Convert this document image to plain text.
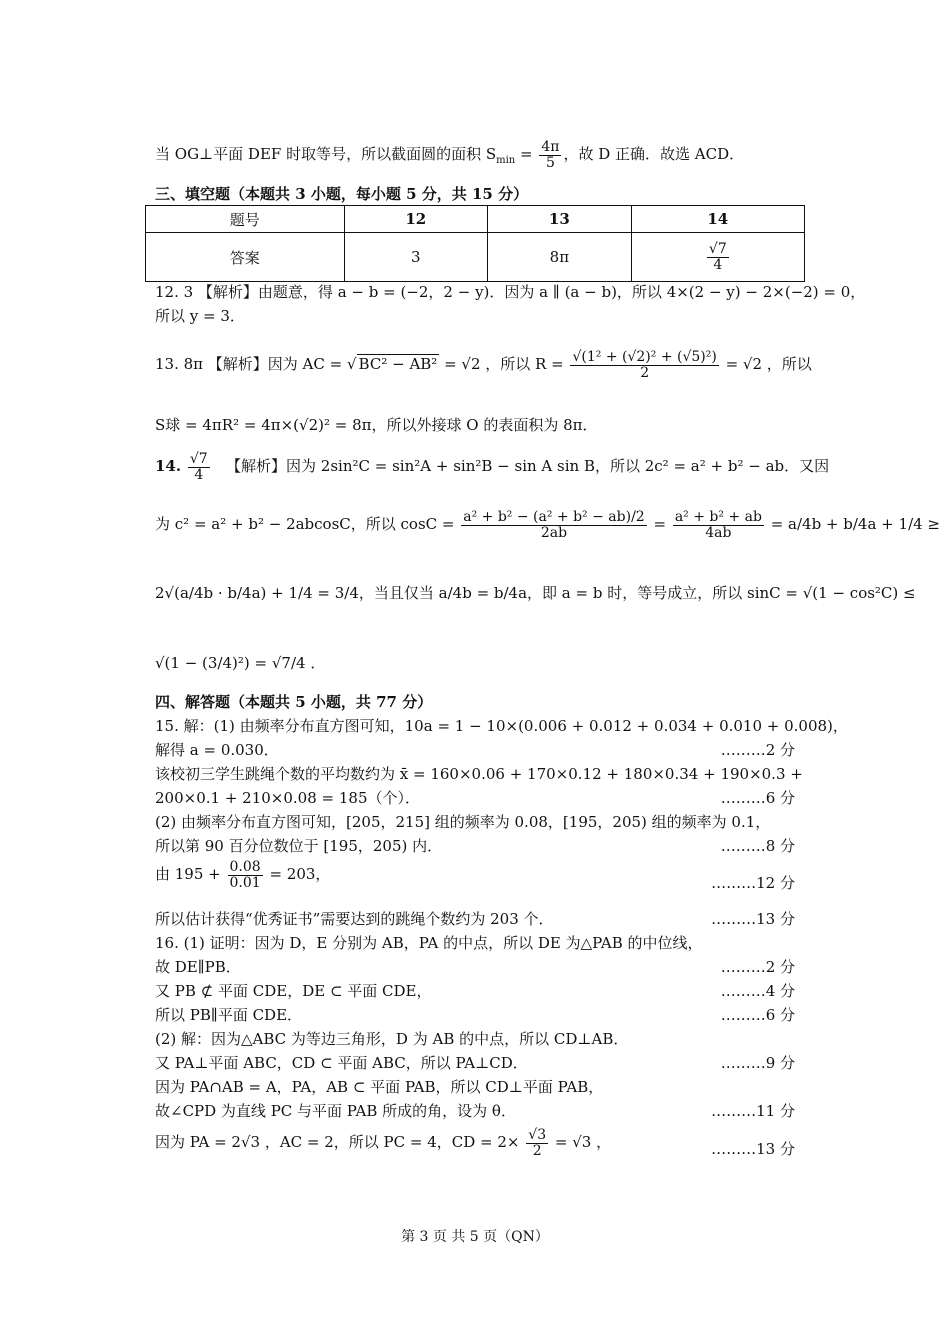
当 OG⊥平面 DEF 时取等号，所以截面圆的面积 $S_{min} = \frac{4\pi}{5}$ ，故 D 正确．故选 ACD．
三、填空题（本题共 3 小题，每小题 5 分，共 15 分）
题号	12	13	14
答案	3	8π	$\frac{√7}{4}$
12. 3 【解析】由题意，得 a − b = (−2，2 − y)．因为 a ∥ (a − b)，所以 4×(2 − y) − 2×(−2) = 0，
所以 y = 3．
13. 8π 【解析】因为 AC = √ BC² − AB² = √2 ，所以 $R = \frac{\text{√(1² + (√2)² + (√5)²)}}{2} = √2$ ，所以
S球 = 4πR² = 4π×(√2)² = 8π，所以外接球 O 的表面积为 8π．
14. $\frac{√7}{4}$ 【解析】因为 2sin²C = sin²A + sin²B − sin A sin B，所以 2c² = a² + b² − ab．又因
为 c² = a² + b² − 2abcosC，所以 $\cos C = \frac{\text{a² + b² − (a² + b² − ab)/2}}{2ab} = \frac{\text{a² + b² + ab}}{4ab} = a/4b + b/4a + 1/4$ ≥
2√(a/4b · b/4a) + 1/4 = 3/4，当且仅当 a/4b = b/4a，即 a = b 时，等号成立，所以 sinC = √(1 − cos²C) ≤
√(1 − (3/4)²) = √7/4 ．
四、解答题（本题共 5 小题，共 77 分）
15. 解：(1) 由频率分布直方图可知，10a = 1 − 10×(0.006 + 0.012 + 0.034 + 0.010 + 0.008)，
解得 a = 0.030．	………2 分
该校初三学生跳绳个数的平均数约为 x̄ = 160×0.06 + 170×0.12 + 180×0.34 + 190×0.3 +
200×0.1 + 210×0.08 = 185（个）．	………6 分
(2) 由频率分布直方图可知，[205，215] 组的频率为 0.08，[195，205) 组的频率为 0.1，
所以第 90 百分位数位于 [195，205) 内．	………8 分
由 $195 + \frac{0.08}{0.01} = 203$，	………12 分
所以估计获得“优秀证书”需要达到的跳绳个数约为 203 个．	………13 分
16. (1) 证明：因为 D，E 分别为 AB，PA 的中点，所以 DE 为△PAB 的中位线，
故 DE∥PB．	………2 分
又 PB ⊄ 平面 CDE，DE ⊂ 平面 CDE，	………4 分
所以 PB∥平面 CDE．	………6 分
(2) 解：因为△ABC 为等边三角形，D 为 AB 的中点，所以 CD⊥AB．
又 PA⊥平面 ABC，CD ⊂ 平面 ABC，所以 PA⊥CD．	………9 分
因为 PA∩AB = A，PA，AB ⊂ 平面 PAB，所以 CD⊥平面 PAB，
故∠CPD 为直线 PC 与平面 PAB 所成的角，设为 θ．	………11 分
因为 PA = 2√3 ，AC = 2，所以 PC = 4，CD = $2\times \frac{√3}{2} = √3$ ，	………13 分
第 3 页 共 5 页（QN）
